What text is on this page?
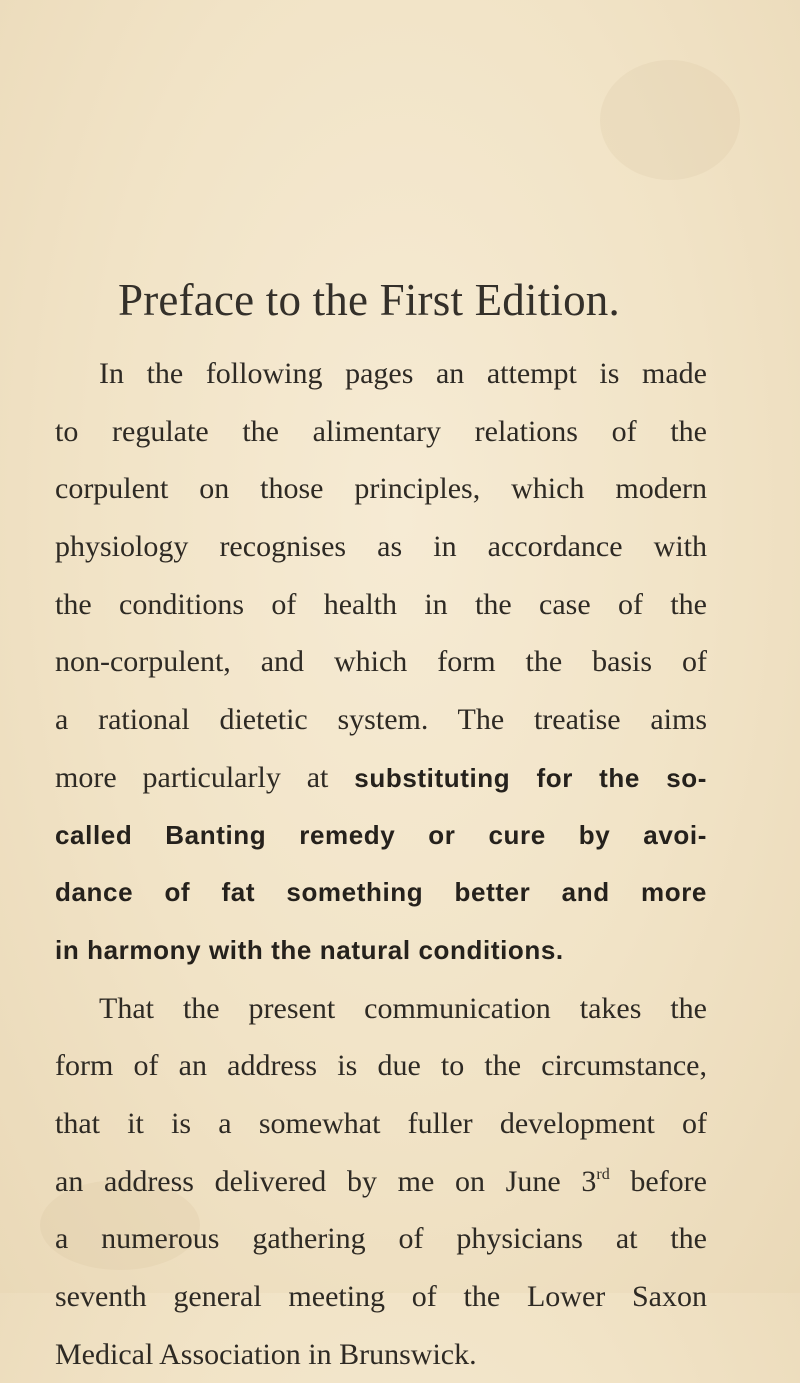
Preface to the First Edition.
In the following pages an attempt is made
to regulate the alimentary relations of the
corpulent on those principles, which modern
physiology recognises as in accordance with
the conditions of health in the case of the
non-corpulent, and which form the basis of
a rational dietetic system. The treatise aims
more particularly at substituting for the so-
called Banting remedy or cure by avoi-
dance of fat something better and more
in harmony with the natural conditions.
That the present communication takes the
form of an address is due to the circumstance,
that it is a somewhat fuller development of
an address delivered by me on June 3rd before
a numerous gathering of physicians at the
seventh general meeting of the Lower Saxon
Medical Association in Brunswick.
